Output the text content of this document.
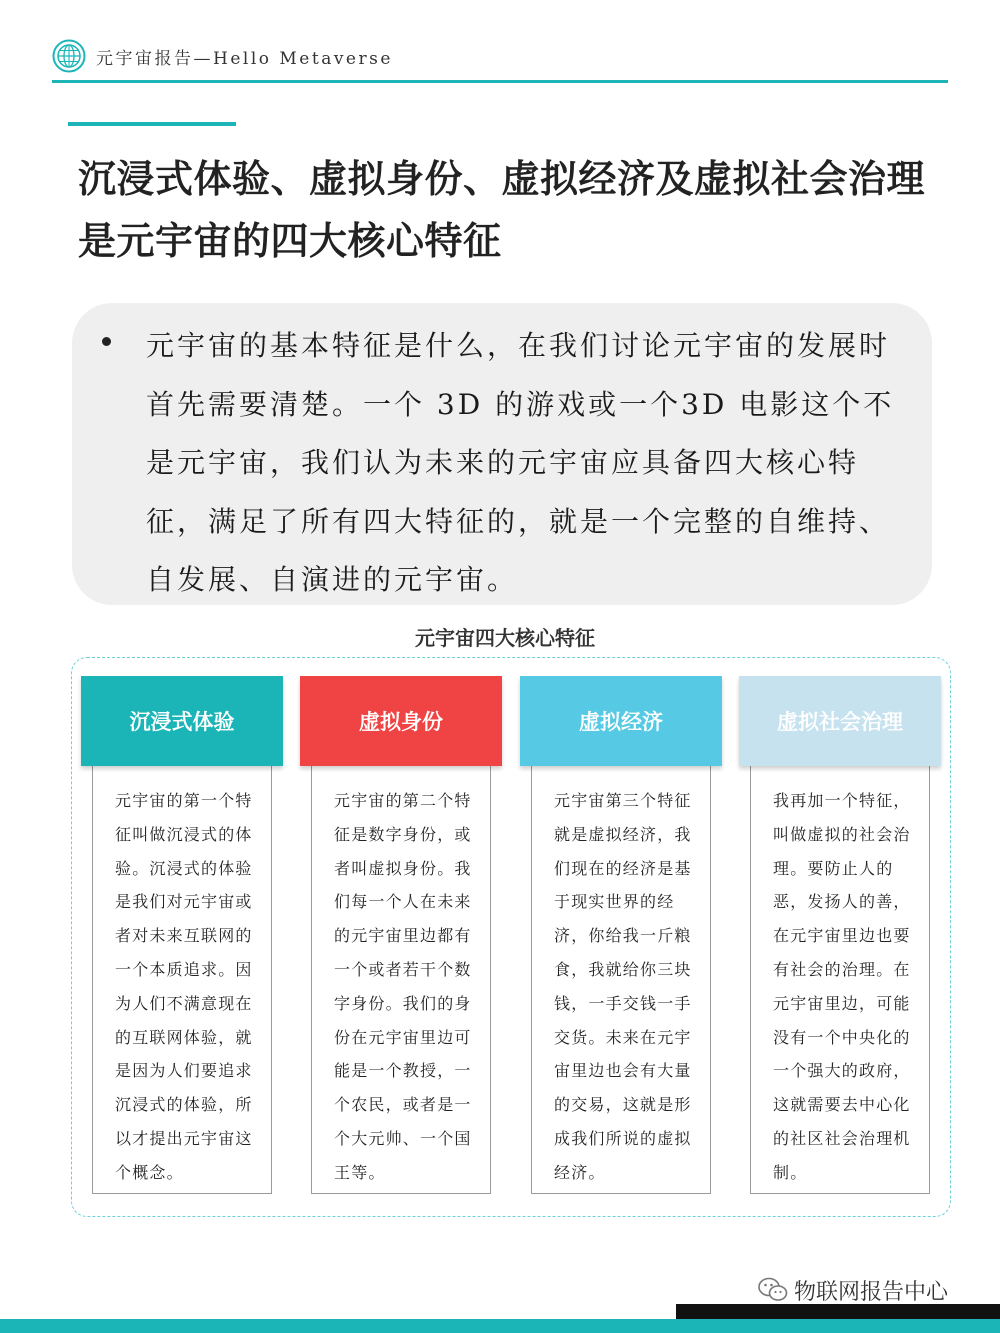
元宇宙报告—Hello Metaverse
沉浸式体验、虚拟身份、虚拟经济及虚拟社会治理是元宇宙的四大核心特征

元宇宙的基本特征是什么，在我们讨论元宇宙的发展时首先需要清楚。一个 3D 的游戏或一个3D 电影这个不是元宇宙，我们认为未来的元宇宙应具备四大核心特征，满足了所有四大特征的，就是一个完整的自维持、自发展、自演进的元宇宙。

元宇宙四大核心特征
沉浸式体验

元宇宙的第一个特征叫做沉浸式的体验。沉浸式的体验是我们对元宇宙或者对未来互联网的一个本质追求。因为人们不满意现在的互联网体验，就是因为人们要追求沉浸式的体验，所以才提出元宇宙这个概念。

虚拟身份

元宇宙的第二个特征是数字身份，或者叫虚拟身份。我们每一个人在未来的元宇宙里边都有一个或者若干个数字身份。我们的身份在元宇宙里边可能是一个教授，一个农民，或者是一个大元帅、一个国王等。

虚拟经济

元宇宙第三个特征就是虚拟经济，我们现在的经济是基于现实世界的经济，你给我一斤粮食，我就给你三块钱，一手交钱一手交货。未来在元宇宙里边也会有大量的交易，这就是形成我们所说的虚拟经济。

虚拟社会治理

我再加一个特征，叫做虚拟的社会治理。要防止人的恶，发扬人的善，在元宇宙里边也要有社会的治理。在元宇宙里边，可能没有一个中央化的一个强大的政府，这就需要去中心化的社区社会治理机制。

物联网报告中心
